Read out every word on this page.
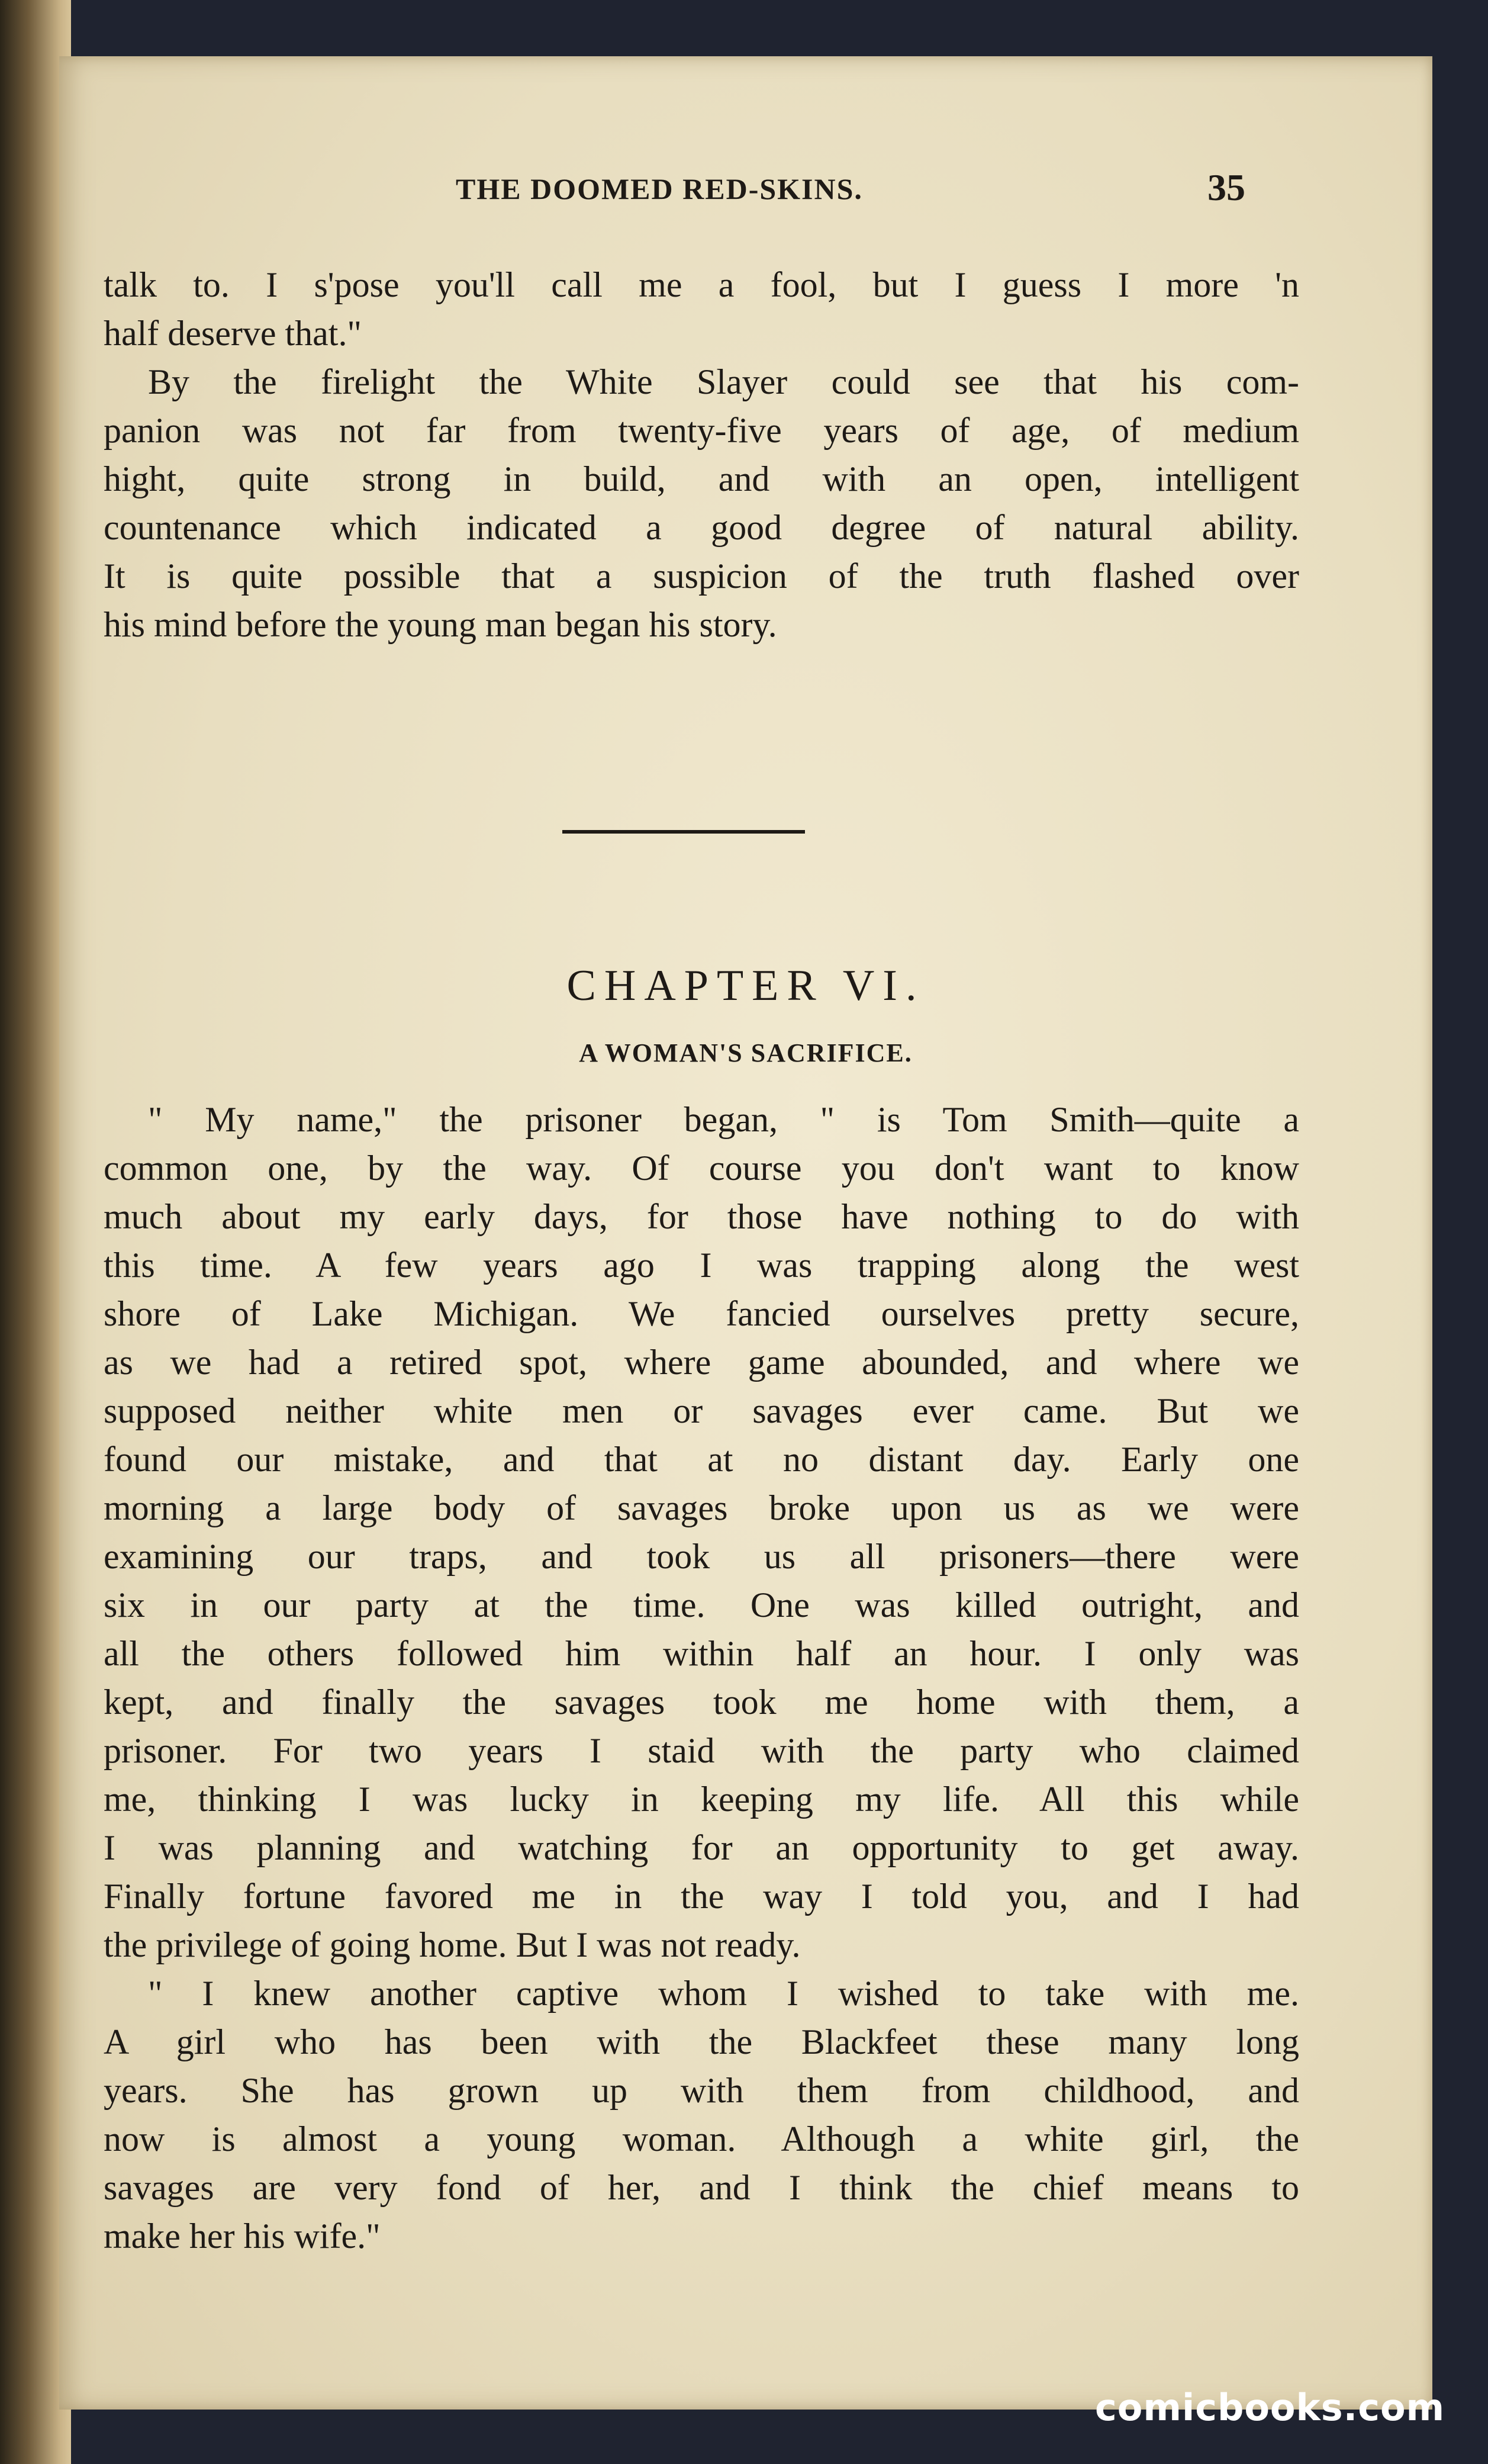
THE DOOMED RED-SKINS.	35
talk to. I s'pose you'll call me a fool, but I guess I more 'n
half deserve that."
By the firelight the White Slayer could see that his com-
panion was not far from twenty-five years of age, of medium
hight, quite strong in build, and with an open, intelligent
countenance which indicated a good degree of natural ability.
It is quite possible that a suspicion of the truth flashed over
his mind before the young man began his story.
CHAPTER VI.
A WOMAN'S SACRIFICE.
" My name," the prisoner began, " is Tom Smith—quite a
common one, by the way. Of course you don't want to know
much about my early days, for those have nothing to do with
this time. A few years ago I was trapping along the west
shore of Lake Michigan. We fancied ourselves pretty secure,
as we had a retired spot, where game abounded, and where we
supposed neither white men or savages ever came. But we
found our mistake, and that at no distant day. Early one
morning a large body of savages broke upon us as we were
examining our traps, and took us all prisoners—there were
six in our party at the time. One was killed outright, and
all the others followed him within half an hour. I only was
kept, and finally the savages took me home with them, a
prisoner. For two years I staid with the party who claimed
me, thinking I was lucky in keeping my life. All this while
I was planning and watching for an opportunity to get away.
Finally fortune favored me in the way I told you, and I had
the privilege of going home. But I was not ready.
" I knew another captive whom I wished to take with me.
A girl who has been with the Blackfeet these many long
years. She has grown up with them from childhood, and
now is almost a young woman. Although a white girl, the
savages are very fond of her, and I think the chief means to
make her his wife."
comicbooks.com
